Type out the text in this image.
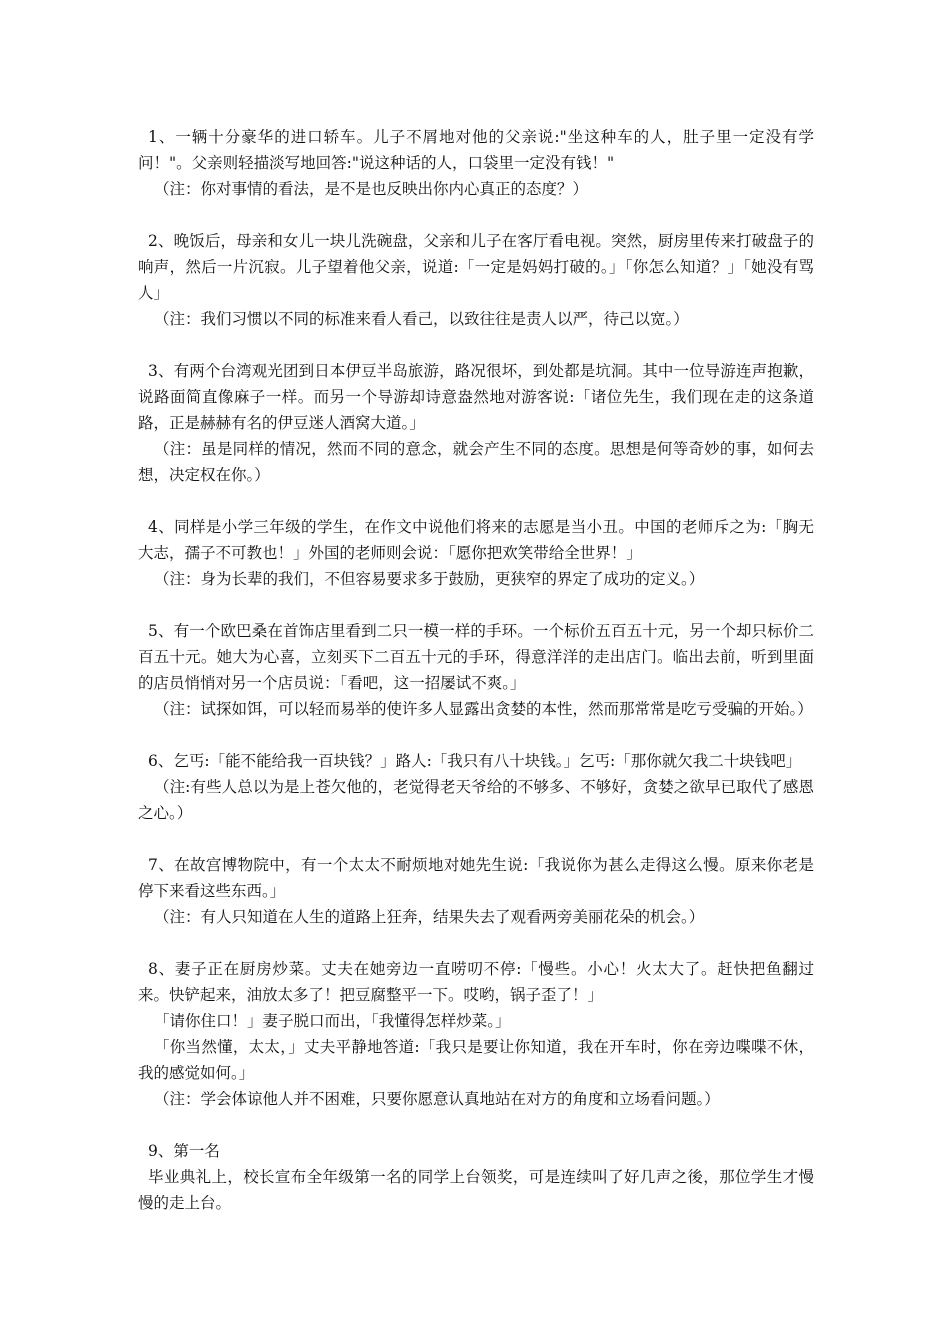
1、一辆十分豪华的进口轿车。儿子不屑地对他的父亲说:"坐这种车的人，肚子里一定没有学问！"。父亲则轻描淡写地回答:"说这种话的人，口袋里一定没有钱！"

（注：你对事情的看法，是不是也反映出你内心真正的态度？）

2、晚饭后，母亲和女儿一块儿洗碗盘，父亲和儿子在客厅看电视。突然，厨房里传来打破盘子的响声，然后一片沉寂。儿子望着他父亲，说道:「一定是妈妈打破的。」「你怎么知道？」「她没有骂人」

（注：我们习惯以不同的标准来看人看己，以致往往是责人以严，待己以宽。）

3、有两个台湾观光团到日本伊豆半岛旅游，路况很坏，到处都是坑洞。其中一位导游连声抱歉，说路面简直像麻子一样。而另一个导游却诗意盎然地对游客说:「诸位先生，我们现在走的这条道路，正是赫赫有名的伊豆迷人酒窝大道。」

（注：虽是同样的情况，然而不同的意念，就会产生不同的态度。思想是何等奇妙的事，如何去想，决定权在你。）

4、同样是小学三年级的学生，在作文中说他们将来的志愿是当小丑。中国的老师斥之为:「胸无大志，孺子不可教也！」外国的老师则会说：「愿你把欢笑带给全世界！」

（注：身为长辈的我们，不但容易要求多于鼓励，更狭窄的界定了成功的定义。）

5、有一个欧巴桑在首饰店里看到二只一模一样的手环。一个标价五百五十元，另一个却只标价二百五十元。她大为心喜，立刻买下二百五十元的手环，得意洋洋的走出店门。临出去前，听到里面的店员悄悄对另一个店员说：「看吧，这一招屡试不爽。」

（注：试探如饵，可以轻而易举的使许多人显露出贪婪的本性，然而那常常是吃亏受骗的开始。）

6、乞丐:「能不能给我一百块钱？」路人:「我只有八十块钱。」乞丐:「那你就欠我二十块钱吧」

（注:有些人总以为是上苍欠他的，老觉得老天爷给的不够多、不够好，贪婪之欲早已取代了感恩之心。）

7、在故宫博物院中，有一个太太不耐烦地对她先生说:「我说你为甚么走得这么慢。原来你老是停下来看这些东西。」

（注：有人只知道在人生的道路上狂奔，结果失去了观看两旁美丽花朵的机会。）

8、妻子正在厨房炒菜。丈夫在她旁边一直唠叨不停:「慢些。小心！火太大了。赶快把鱼翻过来。快铲起来，油放太多了！把豆腐整平一下。哎哟，锅子歪了！」

「请你住口！」妻子脱口而出，「我懂得怎样炒菜。」

「你当然懂，太太，」丈夫平静地答道:「我只是要让你知道，我在开车时，你在旁边喋喋不休，我的感觉如何。」

（注：学会体谅他人并不困难，只要你愿意认真地站在对方的角度和立场看问题。）

9、第一名

毕业典礼上，校长宣布全年级第一名的同学上台领奖，可是连续叫了好几声之後，那位学生才慢慢的走上台。
